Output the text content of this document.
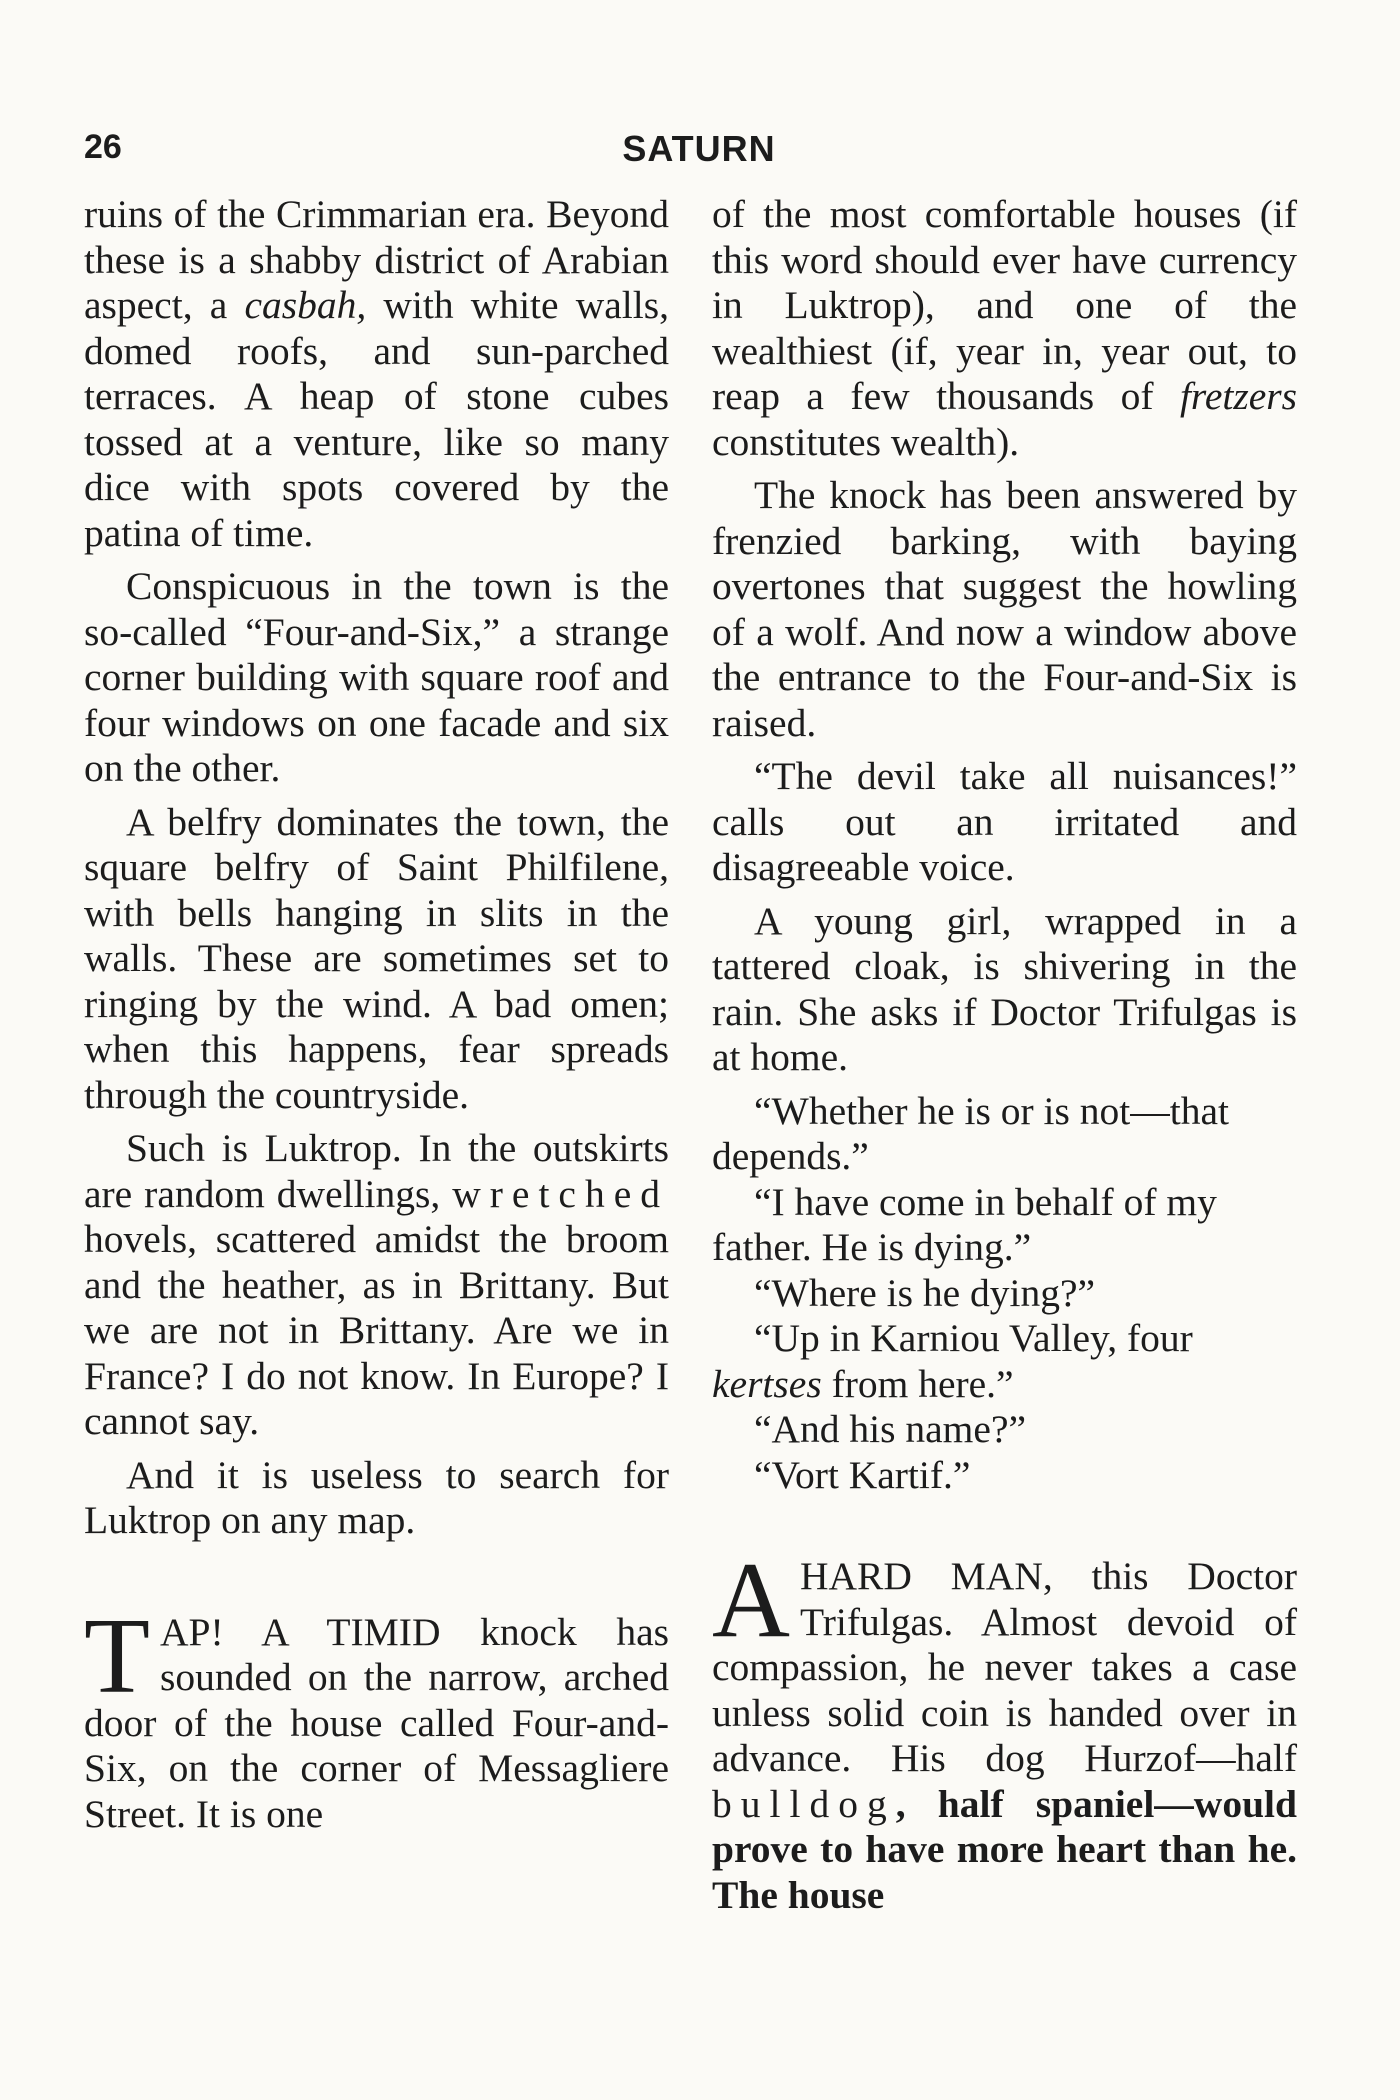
26	SATURN

ruins of the Crimmarian era. Beyond these is a shabby district of Arabian aspect, a casbah, with white walls, domed roofs, and sun-parched terraces. A heap of stone cubes tossed at a venture, like so many dice with spots covered by the patina of time.

Conspicuous in the town is the so-called “Four-and-Six,” a strange corner building with square roof and four windows on one facade and six on the other.

A belfry dominates the town, the square belfry of Saint Philfilene, with bells hanging in slits in the walls. These are sometimes set to ringing by the wind. A bad omen; when this happens, fear spreads through the countryside.

Such is Luktrop. In the outskirts are random dwellings, wretched hovels, scattered amidst the broom and the heather, as in Brittany. But we are not in Brittany. Are we in France? I do not know. In Europe? I cannot say.

And it is useless to search for Luktrop on any map.

TAP! A TIMID knock has sounded on the narrow, arched door of the house called Four-and-Six, on the corner of Messagliere Street. It is one

of the most comfortable houses (if this word should ever have currency in Luktrop), and one of the wealthiest (if, year in, year out, to reap a few thousands of fretzers constitutes wealth).

The knock has been answered by frenzied barking, with baying overtones that suggest the howling of a wolf. And now a window above the entrance to the Four-and-Six is raised.

“The devil take all nuisances!” calls out an irritated and disagreeable voice.

A young girl, wrapped in a tattered cloak, is shivering in the rain. She asks if Doctor Trifulgas is at home.

“Whether he is or is not—that depends.”

“I have come in behalf of my father. He is dying.”

“Where is he dying?”

“Up in Karniou Valley, four kertses from here.”

“And his name?”

“Vort Kartif.”

A HARD MAN, this Doctor Trifulgas. Almost devoid of compassion, he never takes a case unless solid coin is handed over in advance. His dog Hurzof—half bulldog, half spaniel—would prove to have more heart than he. The house
